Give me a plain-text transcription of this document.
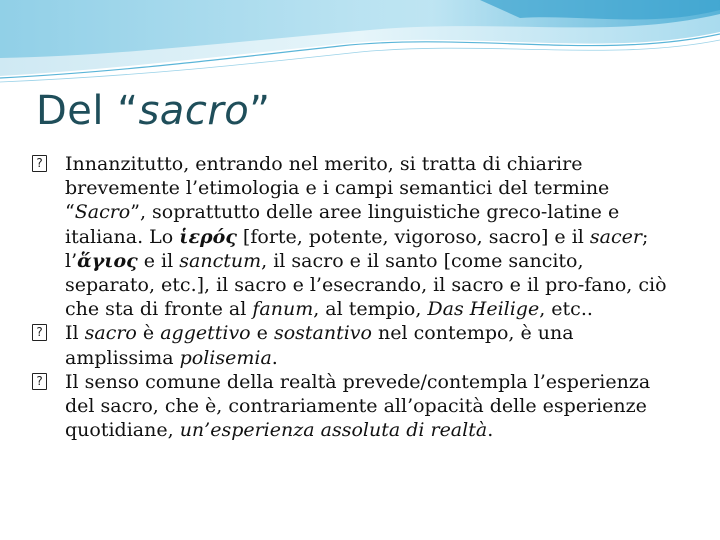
Del “sacro”

? Innanzitutto, entrando nel merito, si tratta di chiarire brevemente l’etimologia e i campi semantici del termine “Sacro”, soprattutto delle aree linguistiche greco-latine e italiana. Lo ἱερός [forte, potente, vigoroso, sacro] e il sacer; l’ἅγιος e il sanctum, il sacro e il santo [come sancito, separato, etc.], il sacro e l’esecrando, il sacro e il pro-fano, ciò che sta di fronte al fanum, al tempio, Das Heilige, etc..

? Il sacro è aggettivo e sostantivo nel contempo, è una amplissima polisemia.

? Il senso comune della realtà prevede/contempla l’esperienza del sacro, che è, contrariamente all’opacità delle esperienze quotidiane, un’esperienza assoluta di realtà.
